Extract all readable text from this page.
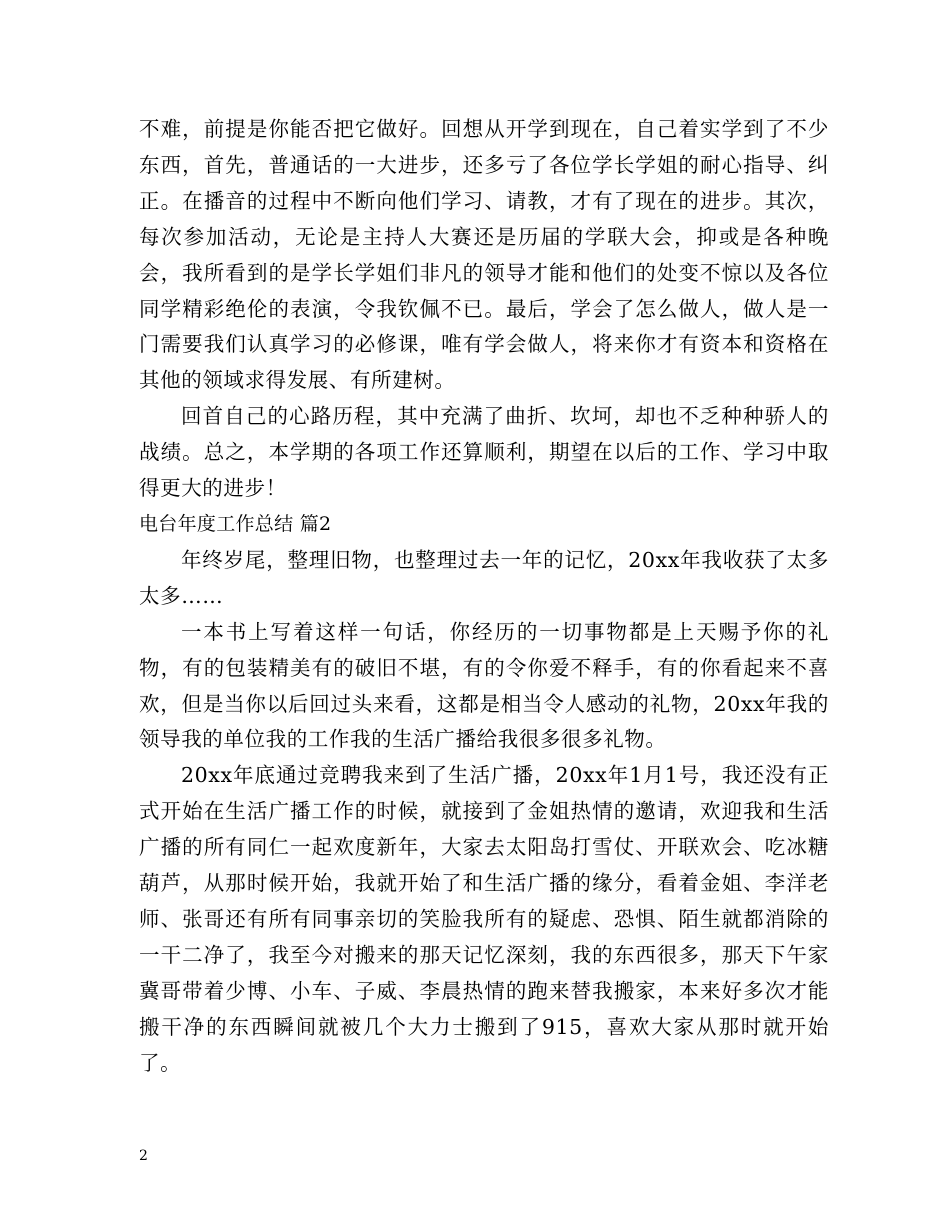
不难，前提是你能否把它做好。回想从开学到现在，自己着实学到了不少东西，首先，普通话的一大进步，还多亏了各位学长学姐的耐心指导、纠正。在播音的过程中不断向他们学习、请教，才有了现在的进步。其次，每次参加活动，无论是主持人大赛还是历届的学联大会，抑或是各种晚会，我所看到的是学长学姐们非凡的领导才能和他们的处变不惊以及各位同学精彩绝伦的表演，令我钦佩不已。最后，学会了怎么做人，做人是一门需要我们认真学习的必修课，唯有学会做人，将来你才有资本和资格在其他的领域求得发展、有所建树。

回首自己的心路历程，其中充满了曲折、坎坷，却也不乏种种骄人的战绩。总之，本学期的各项工作还算顺利，期望在以后的工作、学习中取得更大的进步！

电台年度工作总结 篇2

年终岁尾，整理旧物，也整理过去一年的记忆，20xx年我收获了太多太多……

一本书上写着这样一句话，你经历的一切事物都是上天赐予你的礼物，有的包装精美有的破旧不堪，有的令你爱不释手，有的你看起来不喜欢，但是当你以后回过头来看，这都是相当令人感动的礼物，20xx年我的领导我的单位我的工作我的生活广播给我很多很多礼物。

20xx年底通过竞聘我来到了生活广播，20xx年1月1号，我还没有正式开始在生活广播工作的时候，就接到了金姐热情的邀请，欢迎我和生活广播的所有同仁一起欢度新年，大家去太阳岛打雪仗、开联欢会、吃冰糖葫芦，从那时候开始，我就开始了和生活广播的缘分，看着金姐、李洋老师、张哥还有所有同事亲切的笑脸我所有的疑虑、恐惧、陌生就都消除的一干二净了，我至今对搬来的那天记忆深刻，我的东西很多，那天下午家冀哥带着少博、小车、子威、李晨热情的跑来替我搬家，本来好多次才能搬干净的东西瞬间就被几个大力士搬到了915，喜欢大家从那时就开始了。

2
